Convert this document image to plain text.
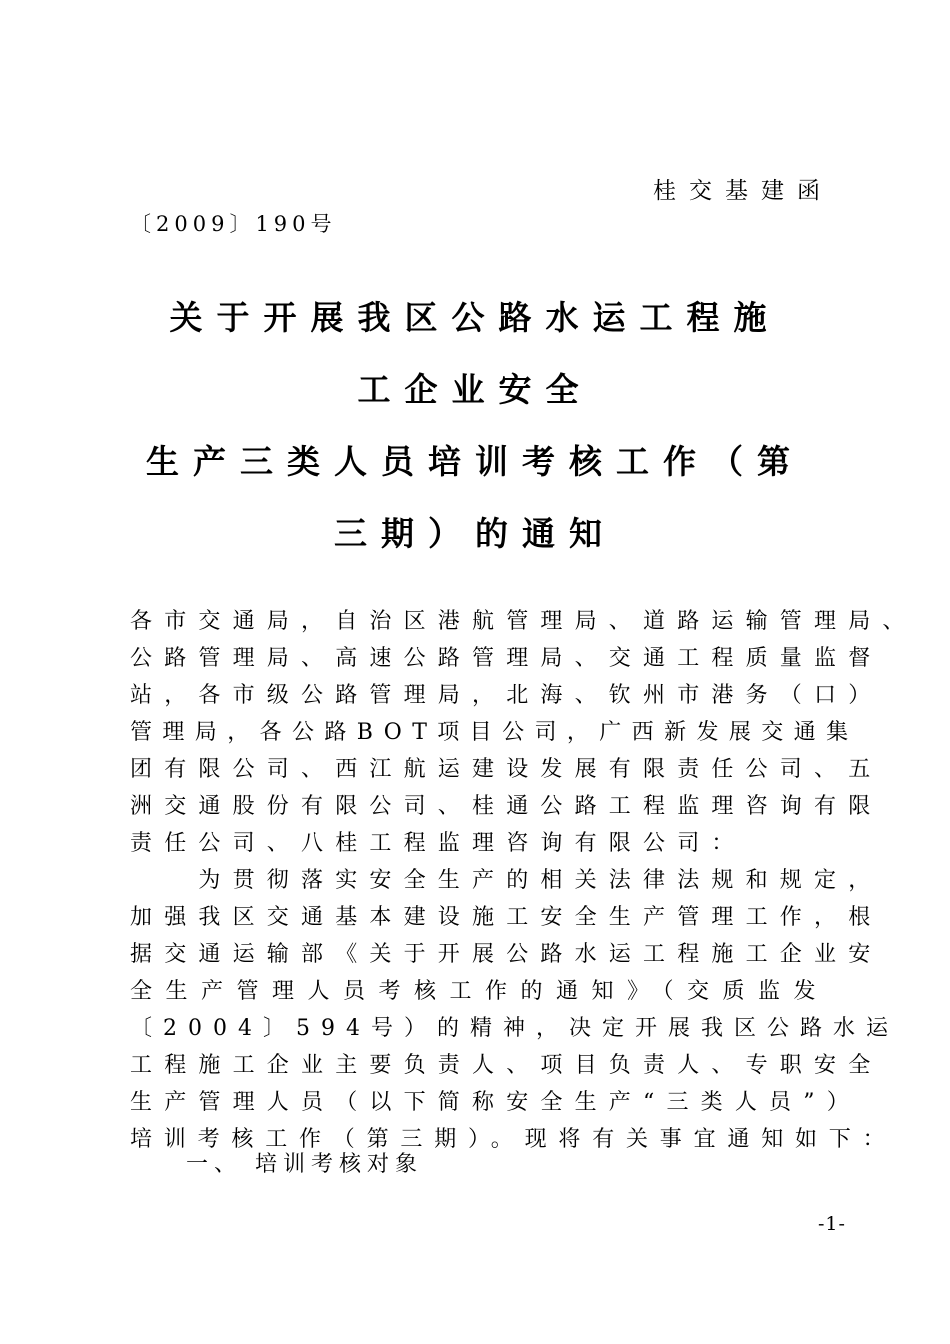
桂交基建函
〔2009〕190号
关于开展我区公路水运工程施
工企业安全
生产三类人员培训考核工作（第
三期）的通知
各市交通局，自治区港航管理局、道路运输管理局、
公路管理局、高速公路管理局、交通工程质量监督
站，各市级公路管理局，北海、钦州市港务（口）
管理局，各公路BOT项目公司，广西新发展交通集
团有限公司、西江航运建设发展有限责任公司、五
洲交通股份有限公司、桂通公路工程监理咨询有限
责任公司、八桂工程监理咨询有限公司：
　　为贯彻落实安全生产的相关法律法规和规定，
加强我区交通基本建设施工安全生产管理工作，根
据交通运输部《关于开展公路水运工程施工企业安
全生产管理人员考核工作的通知》（交质监发
〔2004〕594号）的精神，决定开展我区公路水运
工程施工企业主要负责人、项目负责人、专职安全
生产管理人员（以下简称安全生产“三类人员”）
培训考核工作（第三期）。现将有关事宜通知如下：
　　一、 培训考核对象
-1-
